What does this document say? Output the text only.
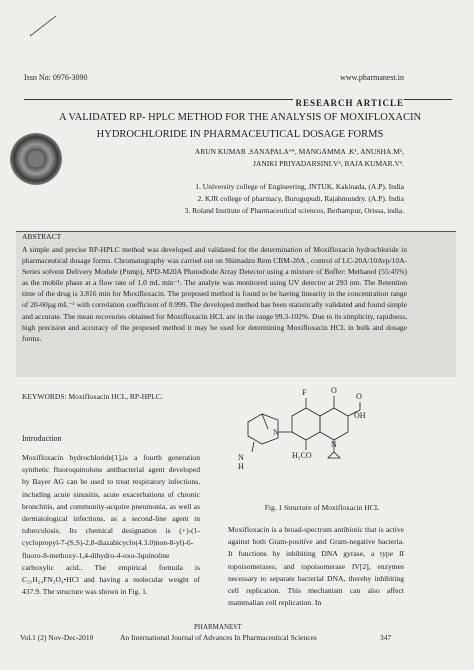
Issn No: 0976-3090	www.pharmanest.in
RESEARCH ARTICLE
A VALIDATED RP- HPLC METHOD FOR THE ANALYSIS OF MOXIFLOXACIN
HYDROCHLORIDE IN PHARMACEUTICAL DOSAGE FORMS
ARUN KUMAR .SANAPALA¹*, MANGAMMA .K¹, ANUSHA.M¹,
JANIKI PRIYADARSINI.V², RAJA KUMAR.V³.
1. University college of Engineering, JNTUK, Kakinada, (A.P). India
2. KJR college of pharmacy, Burugupudi, Rajahmundry. (A.P). India
3. Roland Institute of Pharmaceutical sciences, Berhampur, Orissa, india.
ABSTRACT
A simple and precise RP-HPLC method was developed and validated for the determination of Moxifloxacin hydrochloride in pharmaceutical dosage forms. Chromatography was carried out on Shimadzu Rem CBM-20A , control of LC-20A/10Avp/10A-Series solvent Delivery Module (Pump), SPD-M20A Photodiode Array Detector using a mixture of Buffer: Methanol (55:45%) as the mobile phase at a flow rate of 1.0 mL min⁻¹. The analyte was monitored using UV detector at 293 nm. The Retention time of the drug is 3.816 min for Moxifloxacin. The proposed method is found to be having linearity in the concentration range of 20-60µg mL⁻¹ with correlation coefficient of 0.999. The developed method has been statistically validated and found simple and accurate. The mean recoveries obtained for Moxifloxacin HCL are in the range 99.3-102%. Due to its simplicity, rapidness, high precision and accuracy of the proposed method it may be used for determining Moxifloxacin HCL in bulk and dosage forms.
KEYWORDS: Moxifloxacin HCL, RP-HPLC.
Introduction
Moxifloxacin hydrochloride[1],is a fourth generation synthetic fluoroquinolone antibacterial agent developed by Bayer AG can be used to treat respiratory infections, including acute sinusitis, acute exacerbations of chronic bronchitis, and community-acquire pneumonia, as well as dermatological infections, as a second-line agent in tuberculosis. Its chemical designation is (+)-(1-cyclopropyl-7-(S,S)-2,8-diazabicyclo(4.3.0)non-8-yl)-6-fluoro-8-methoxy-1,4-dihydro-4-oxo-3quinoline carboxylic acid.. The empirical formula is C₂₁H₂₄FN₃O₄•HCl and having a molecular weight of 437.9. The structure was shown in Fig. 1.
F	O
O
OH
N
N
N
H
H₃CO
Fig. 1 Structure of Moxifloxacin HCL
Moxifloxacin is a broad-spectrum antibiotic that is active against both Gram-positive and Gram-negative bacteria. It functions by inhibiting DNA gyrase, a type II topoisomerases, and topoisomerase IV[2], enzymes necessary to separate bacterial DNA, thereby inhibiting cell replication. This mechanism can also affect mammalian cell replication. In
PHARMANEST
Vol.1 (2) Nov-Dec-2010	An International Journal of Advances In Pharmaceutical Sciences	347
